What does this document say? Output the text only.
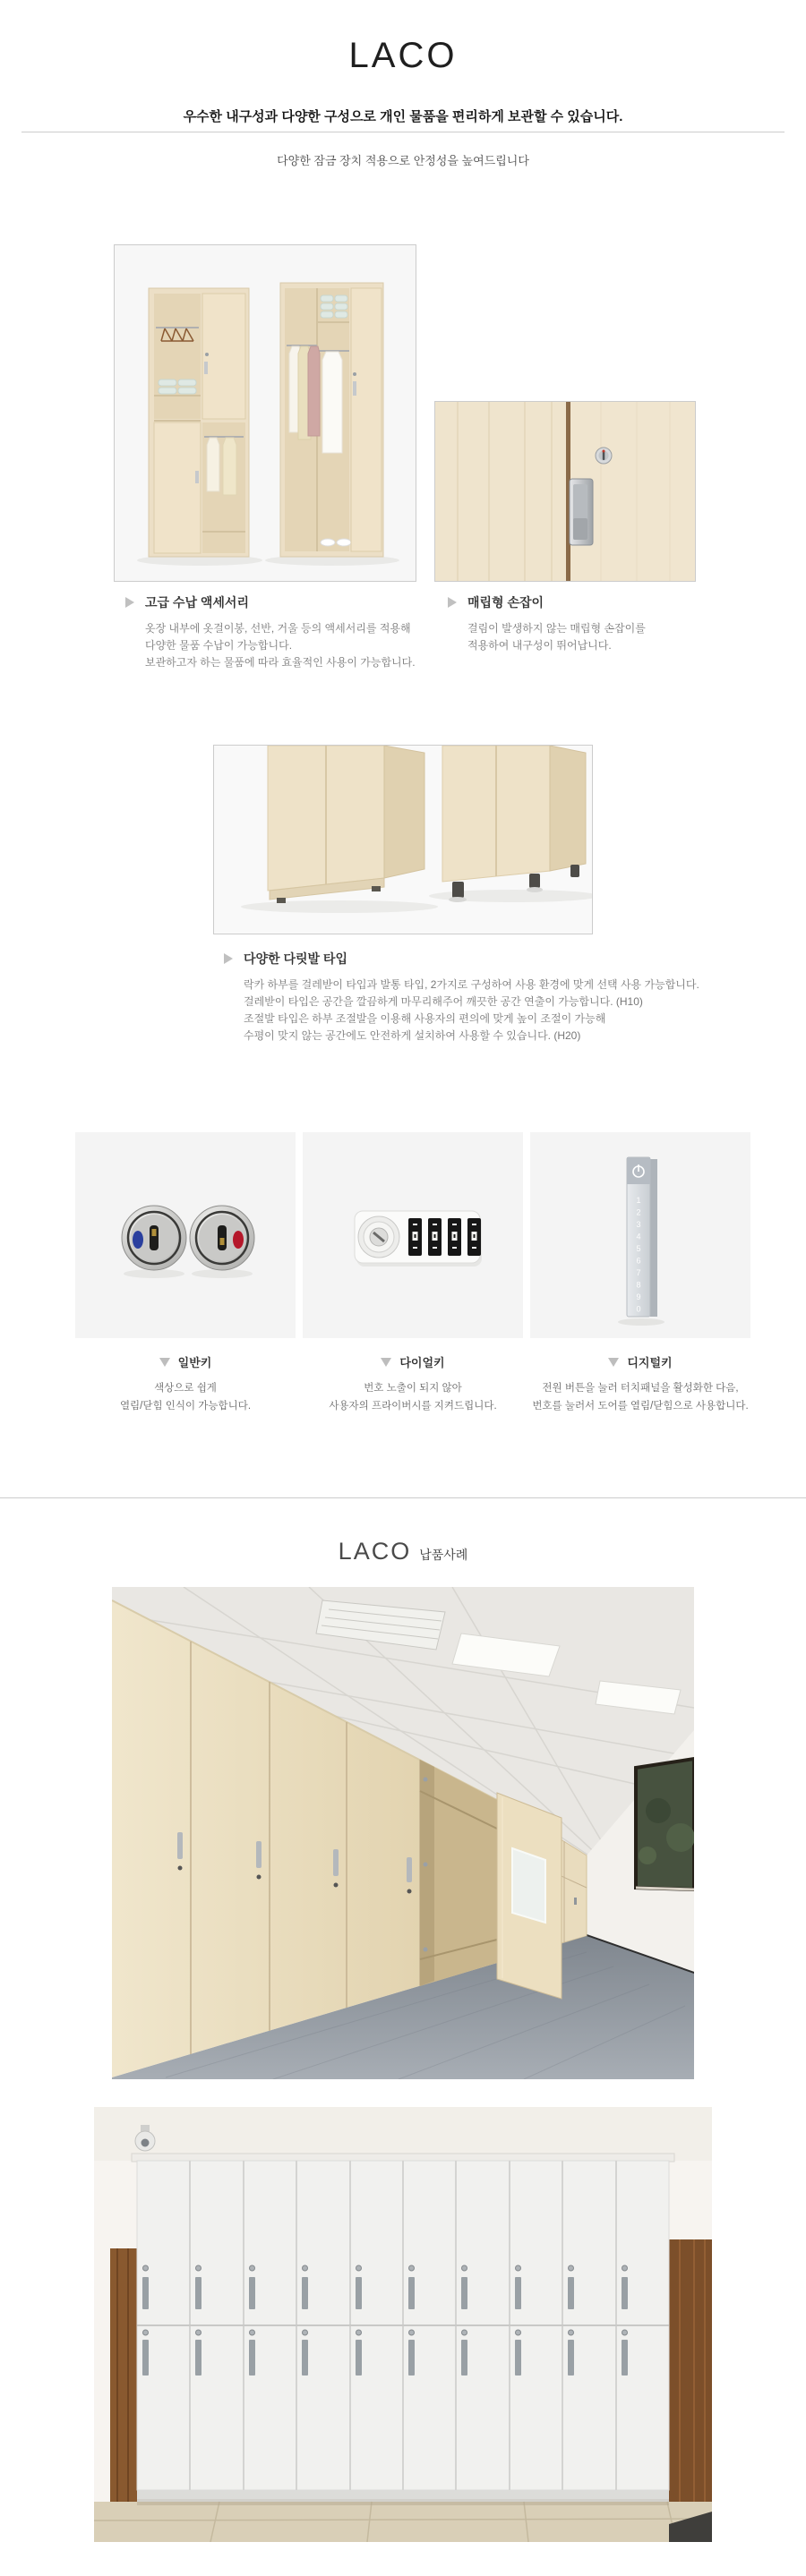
LACO
우수한 내구성과 다양한 구성으로 개인 물품을 편리하게 보관할 수 있습니다.
다양한 잠금 장치 적용으로 안정성을 높여드립니다
고급 수납 액세서리
옷장 내부에 옷걸이봉, 선반, 거울 등의 액세서리를 적용해
다양한 물품 수납이 가능합니다.
보관하고자 하는 물품에 따라 효율적인 사용이 가능합니다.
매립형 손잡이
걸림이 발생하지 않는 매립형 손잡이를
적용하여 내구성이 뛰어납니다.
다양한 다릿발 타입
락카 하부를 걸레받이 타입과 발통 타입, 2가지로 구성하여 사용 환경에 맞게 선택 사용 가능합니다.
걸레받이 타입은 공간을 깔끔하게 마무리해주어 깨끗한 공간 연출이 가능합니다. (H10)
조절발 타입은 하부 조절발을 이용해 사용자의 편의에 맞게 높이 조절이 가능해
수평이 맞지 않는 공간에도 안전하게 설치하여 사용할 수 있습니다. (H20)
1
2
3
4
5
6
7
8
9
0
일반키
색상으로 쉽게
열림/닫힘 인식이 가능합니다.
다이얼키
번호 노출이 되지 않아
사용자의 프라이버시를 지켜드립니다.
디지털키
전원 버튼을 눌러 터치패널을 활성화한 다음,
번호를 눌러서 도어를 열림/닫힘으로 사용합니다.
LACO 납품사례
